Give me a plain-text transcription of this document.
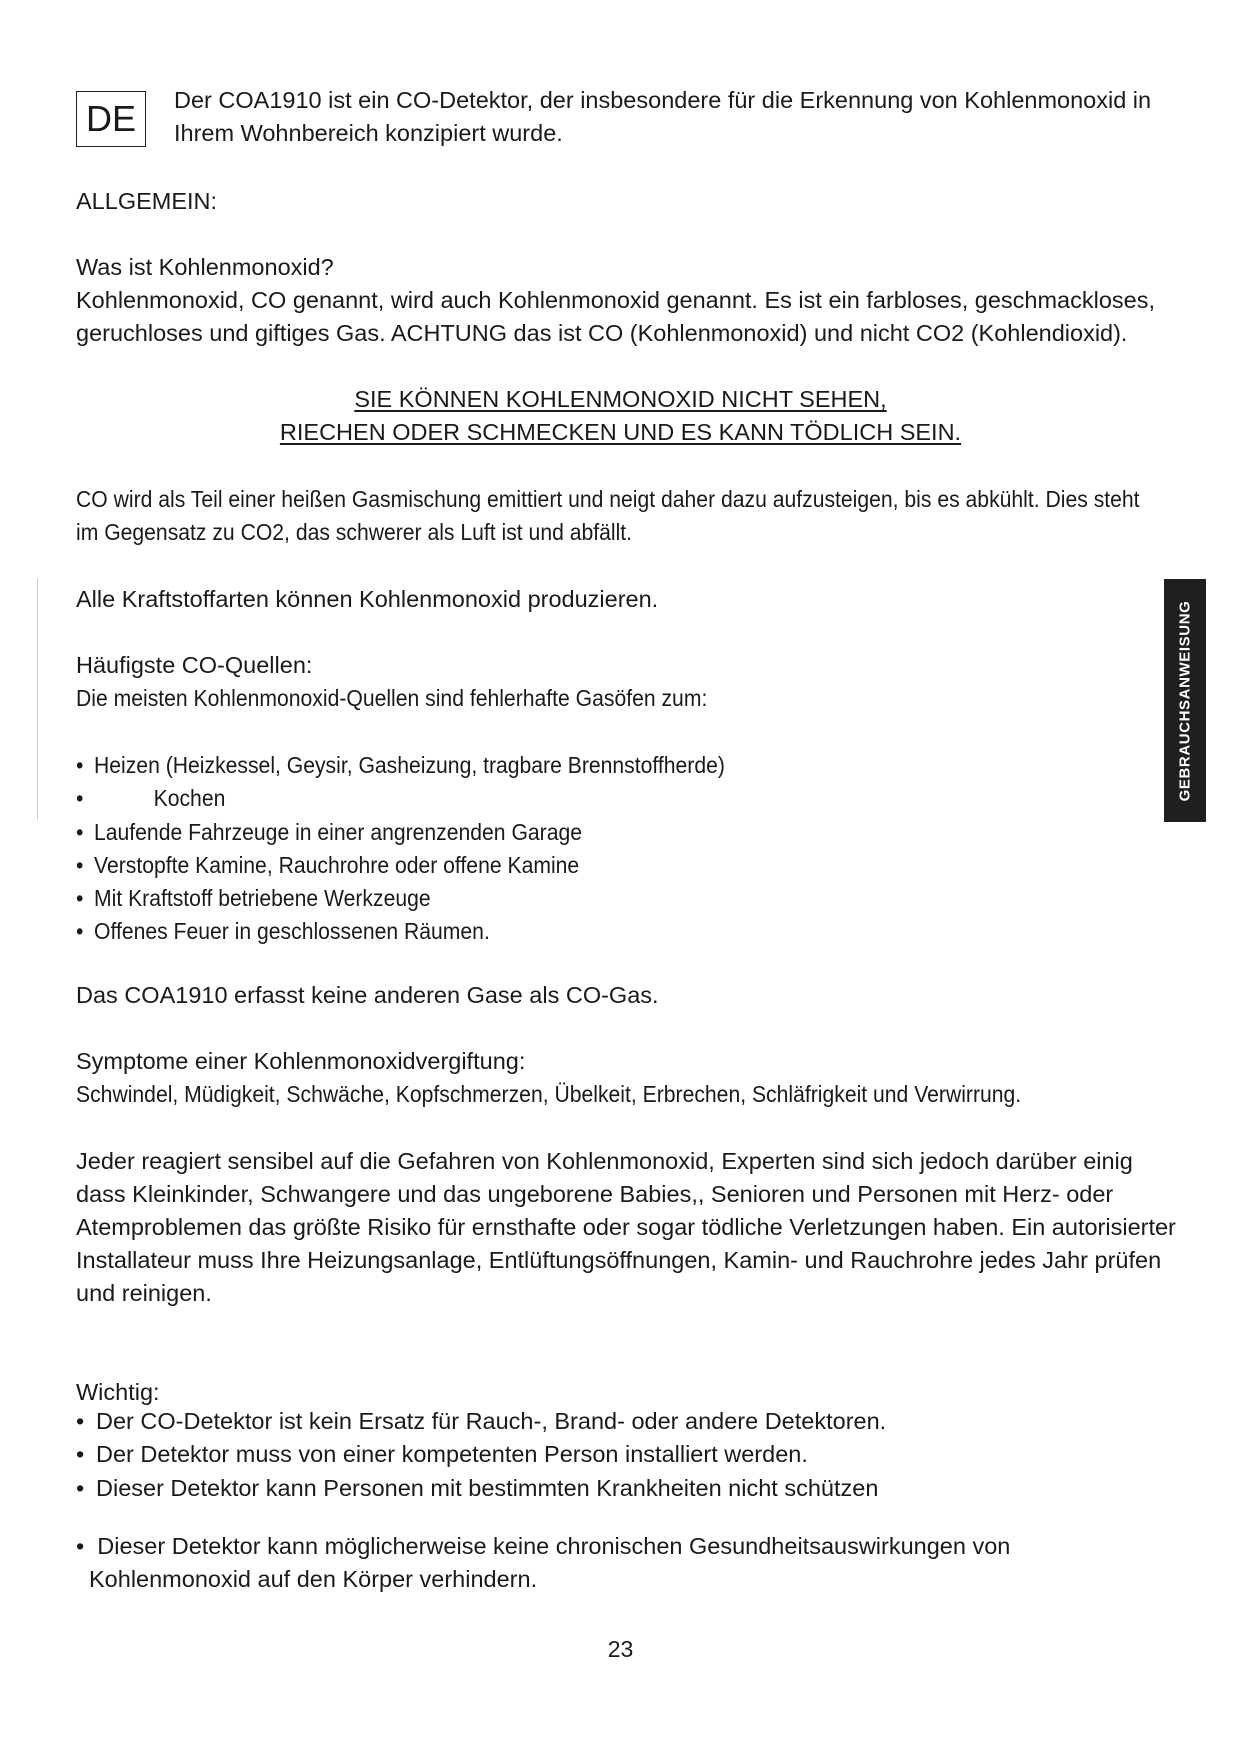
DE	Der COA1910 ist ein CO-Detektor, der insbesondere für die Erkennung von Kohlenmonoxid in
Ihrem Wohnbereich konzipiert wurde.
ALLGEMEIN:
Was ist Kohlenmonoxid?
Kohlenmonoxid, CO genannt, wird auch Kohlenmonoxid genannt. Es ist ein farbloses, geschmackloses,
geruchloses und giftiges Gas. ACHTUNG das ist CO (Kohlenmonoxid) und nicht CO2 (Kohlendioxid).
SIE KÖNNEN KOHLENMONOXID NICHT SEHEN,
RIECHEN ODER SCHMECKEN UND ES KANN TÖDLICH SEIN.
CO wird als Teil einer heißen Gasmischung emittiert und neigt daher dazu aufzusteigen, bis es abkühlt. Dies steht
im Gegensatz zu CO2, das schwerer als Luft ist und abfällt.
Alle Kraftstoffarten können Kohlenmonoxid produzieren.
Häufigste CO-Quellen:
Die meisten Kohlenmonoxid-Quellen sind fehlerhafte Gasöfen zum:
• Heizen (Heizkessel, Geysir, Gasheizung, tragbare Brennstoffherde)
•	Kochen
• Laufende Fahrzeuge in einer angrenzenden Garage
• Verstopfte Kamine, Rauchrohre oder offene Kamine
• Mit Kraftstoff betriebene Werkzeuge
• Offenes Feuer in geschlossenen Räumen.
Das COA1910 erfasst keine anderen Gase als CO-Gas.
Symptome einer Kohlenmonoxidvergiftung:
Schwindel, Müdigkeit, Schwäche, Kopfschmerzen, Übelkeit, Erbrechen, Schläfrigkeit und Verwirrung.
Jeder reagiert sensibel auf die Gefahren von Kohlenmonoxid, Experten sind sich jedoch darüber einig
dass Kleinkinder, Schwangere und das ungeborene Babies,, Senioren und Personen mit Herz- oder
Atemproblemen das größte Risiko für ernsthafte oder sogar tödliche Verletzungen haben. Ein autorisierter
Installateur muss Ihre Heizungsanlage, Entlüftungsöffnungen, Kamin- und Rauchrohre jedes Jahr prüfen
und reinigen.
Wichtig:
• Der CO-Detektor ist kein Ersatz für Rauch-, Brand- oder andere Detektoren.
• Der Detektor muss von einer kompetenten Person installiert werden.
• Dieser Detektor kann Personen mit bestimmten Krankheiten nicht schützen
• Dieser Detektor kann möglicherweise keine chronischen Gesundheitsauswirkungen von
Kohlenmonoxid auf den Körper verhindern.
GEBRAUCHSANWEISUNG
23
